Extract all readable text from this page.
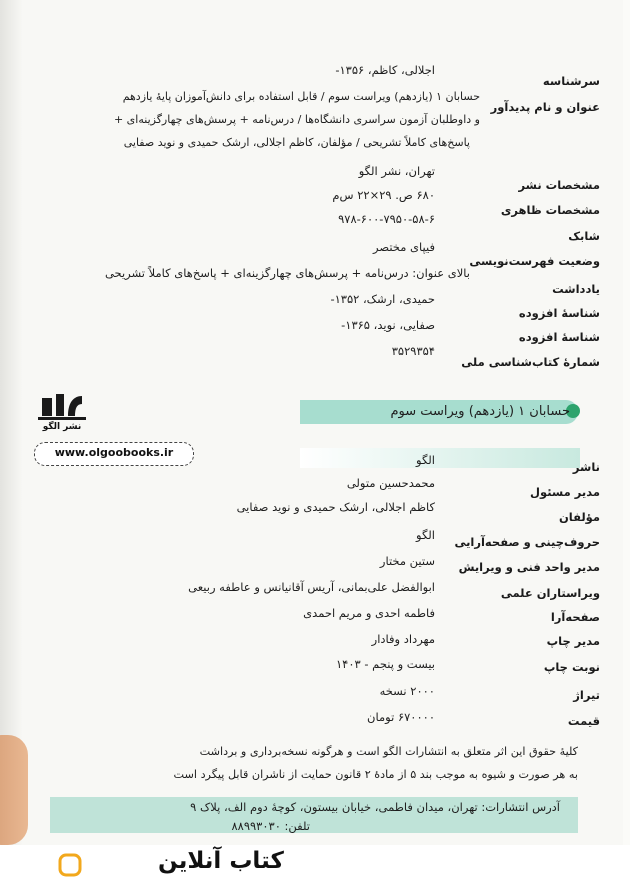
سرشناسه
عنوان و نام پدیدآور
مشخصات نشر
مشخصات ظاهری
شابک
وضعیت فهرست‌نویسی
یادداشت
شناسهٔ افزوده
شناسهٔ افزوده
شمارهٔ کتاب‌شناسی ملی
اجلالی، کاظم، ۱۳۵۶-
حسابان ۱ (یازدهم) ویراست سوم / قابل استفاده برای دانش‌آموزان پایهٔ یازدهم
و داوطلبان آزمون سراسری دانشگاه‌ها / درس‌نامه + پرسش‌های چهارگزینه‌ای +
پاسخ‌های کاملاً تشریحی / مؤلفان، کاظم اجلالی، ارشک حمیدی و نوید صفایی
تهران، نشر الگو
۶۸۰ ص. ۲۹×۲۲ س‌م
۹۷۸-۶۰۰-۷۹۵۰-۵۸-۶
فیپای مختصر
بالای عنوان: درس‌نامه + پرسش‌های چهارگزینه‌ای + پاسخ‌های کاملاً تشریحی
حمیدی، ارشک، ۱۳۵۲-
صفایی، نوید، ۱۳۶۵-
۳۵۲۹۳۵۴
نشر الگو
www.olgoobooks.ir
حسابان ۱ (یازدهم) ویراست سوم
ناشر
مدیر مسئول
مؤلفان
حروف‌چینی و صفحه‌آرایی
مدیر واحد فنی و ویرایش
ویراستاران علمی
صفحه‌آرا
مدیر چاپ
نوبت چاپ
تیراژ
قیمت
الگو
محمدحسین متولی
کاظم اجلالی، ارشک حمیدی و نوید صفایی
الگو
ستین مختار
ابوالفضل علی‌بمانی، آریس آقانیانس و عاطفه ربیعی
فاطمه احدی و مریم احمدی
مهرداد وفادار
بیست و پنجم - ۱۴۰۳
۲۰۰۰ نسخه
۶۷۰۰۰۰ تومان
کلیهٔ حقوق این اثر متعلق به انتشارات الگو است و هرگونه نسخه‌برداری و برداشت
به هر صورت و شیوه به موجب بند ۵ از مادهٔ ۲ قانون حمایت از ناشران قابل پیگرد است
آدرس انتشارات: تهران، میدان فاطمی، خیابان بیستون، کوچهٔ دوم الف، پلاک ۹
تلفن: ۸۸۹۹۳۰۳۰
کتاب آنلاین
